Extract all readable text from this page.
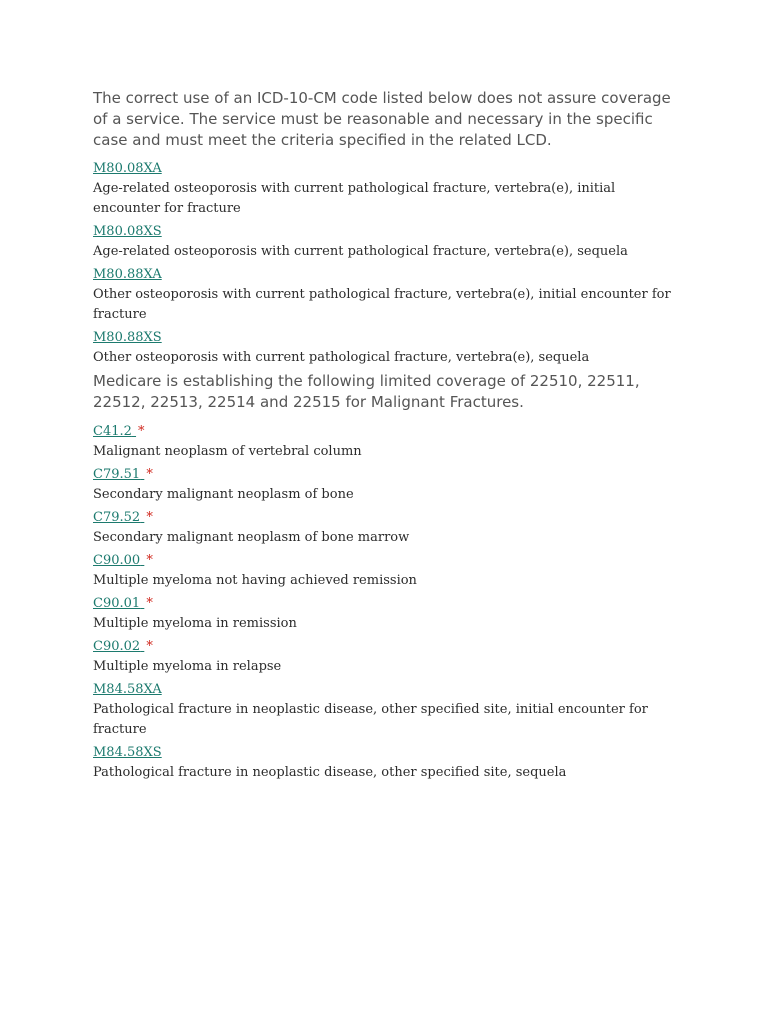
The correct use of an ICD-10-CM code listed below does not assure coverage of a service. The service must be reasonable and necessary in the specific case and must meet the criteria specified in the related LCD.

M80.08XA

Age-related osteoporosis with current pathological fracture, vertebra(e), initial encounter for fracture

M80.08XS

Age-related osteoporosis with current pathological fracture, vertebra(e), sequela

M80.88XA

Other osteoporosis with current pathological fracture, vertebra(e), initial encounter for fracture

M80.88XS

Other osteoporosis with current pathological fracture, vertebra(e), sequela

Medicare is establishing the following limited coverage of 22510, 22511, 22512, 22513, 22514 and 22515 for Malignant Fractures.

C41.2 *

Malignant neoplasm of vertebral column

C79.51 *

Secondary malignant neoplasm of bone

C79.52 *

Secondary malignant neoplasm of bone marrow

C90.00 *

Multiple myeloma not having achieved remission

C90.01 *

Multiple myeloma in remission

C90.02 *

Multiple myeloma in relapse

M84.58XA

Pathological fracture in neoplastic disease, other specified site, initial encounter for fracture

M84.58XS

Pathological fracture in neoplastic disease, other specified site, sequela
